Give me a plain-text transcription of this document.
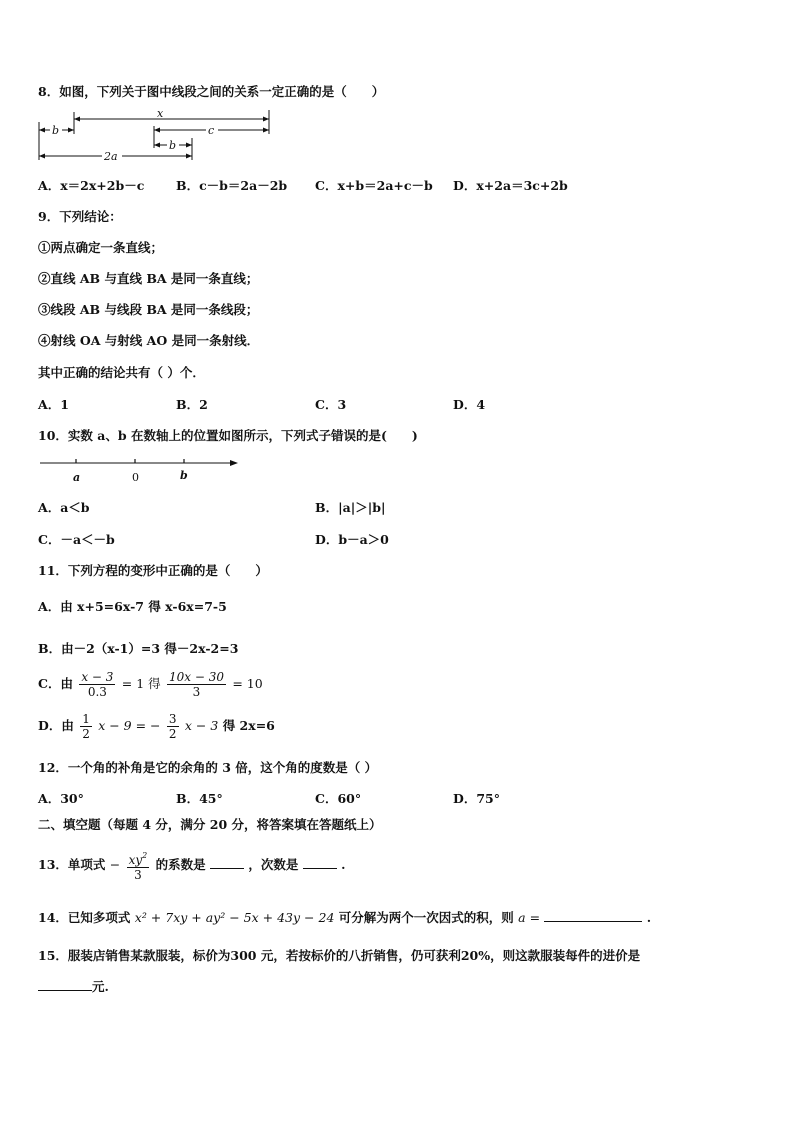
8．如图，下列关于图中线段之间的关系一定正确的是（　　）
x
b	c
b
2a
A．x＝2x+2b－c	B．c－b＝2a－2b C．x+b＝2a+c－b D．x+2a＝3c+2b
9．下列结论：
①两点确定一条直线；
②直线 AB 与直线 BA 是同一条直线；
③线段 AB 与线段 BA 是同一条线段；
④射线 OA 与射线 AO 是同一条射线．
其中正确的结论共有（ ）个．
A．1	B．2	C．3	D．4
10．实数 a、b 在数轴上的位置如图所示，下列式子错误的是(　　)
a	0	b
A．a＜b	B．|a|＞|b|
C．－a＜－b	D．b－a＞0
11．下列方程的变形中正确的是（　　）
A．由 x+5=6x-7 得 x-6x=7-5
B．由－2（x-1）=3 得－2x-2=3
C．由 $\frac{x - 3}{0.3} = 1$ 得 $\frac{10x - 30}{3} = 10$
D．由 $\frac{1}{2}$ x − 9 = − $\frac{3}{2}$ x − 3 得 2x=6
12．一个角的补角是它的余角的 3 倍，这个角的度数是（ ）
A．30°	B．45°	C．60°	D．75°
二、填空题（每题 4 分，满分 20 分，将答案填在答题纸上）
13．单项式 − $\frac{xy^2}{3}$ 的系数是	，次数是	.
14．已知多项式 x² + 7xy + ay² − 5x + 43y − 24 可分解为两个一次因式的积，则 a =	.
15．服装店销售某款服装，标价为300 元，若按标价的八折销售，仍可获利20%，则这款服装每件的进价是
元.
